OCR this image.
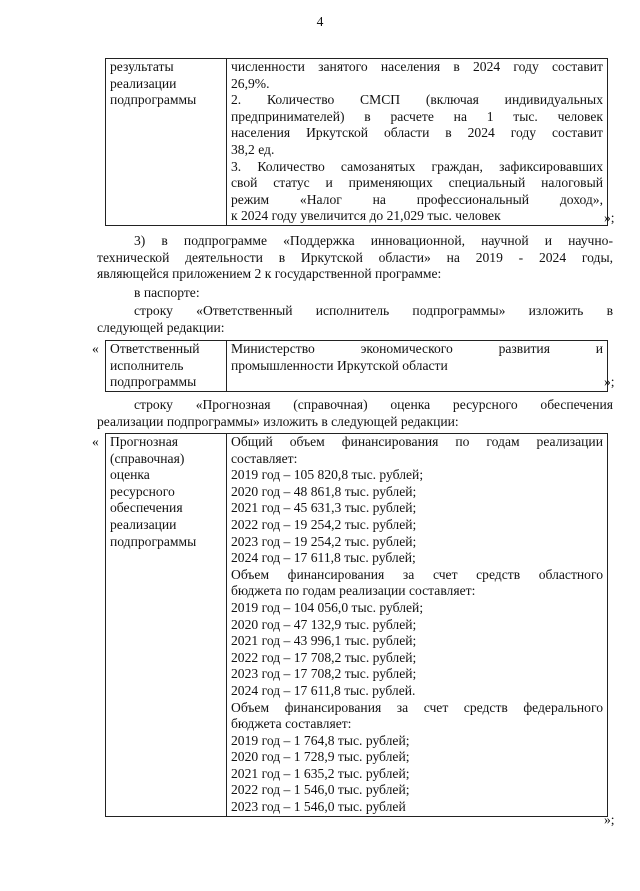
4
результаты
реализации
подпрограммы

численности занятого населения в 2024 году составит
26,9%.
2. Количество СМСП (включая индивидуальных
предпринимателей) в расчете на 1 тыс. человек
населения Иркутской области в 2024 году составит
38,2 ед.
3. Количество самозанятых граждан, зафиксировавших
свой статус и применяющих специальный налоговый
режим «Налог на профессиональный доход»,
к 2024 году увеличится до 21,029 тыс. человек	»;
3) в подпрограмме «Поддержка инновационной, научной и научно-
технической деятельности в Иркутской области» на 2019 - 2024 годы,
являющейся приложением 2 к государственной программе:
в паспорте:
строку «Ответственный исполнитель подпрограммы» изложить в
следующей редакции:
« Ответственный
исполнитель
подпрограммы

Министерство экономического развития и
промышленности Иркутской области
»;
строку «Прогнозная (справочная) оценка ресурсного обеспечения
реализации подпрограммы» изложить в следующей редакции:
« Прогнозная
(справочная)
оценка
ресурсного
обеспечения
реализации
подпрограммы

Общий объем финансирования по годам реализации
составляет:
2019 год – 105 820,8 тыс. рублей;
2020 год – 48 861,8 тыс. рублей;
2021 год – 45 631,3 тыс. рублей;
2022 год – 19 254,2 тыс. рублей;
2023 год – 19 254,2 тыс. рублей;
2024 год – 17 611,8 тыс. рублей;
Объем финансирования за счет средств областного
бюджета по годам реализации составляет:
2019 год – 104 056,0 тыс. рублей;
2020 год – 47 132,9 тыс. рублей;
2021 год – 43 996,1 тыс. рублей;
2022 год – 17 708,2 тыс. рублей;
2023 год – 17 708,2 тыс. рублей;
2024 год – 17 611,8 тыс. рублей.
Объем финансирования за счет средств федерального
бюджета составляет:
2019 год – 1 764,8 тыс. рублей;
2020 год – 1 728,9 тыс. рублей;
2021 год – 1 635,2 тыс. рублей;
2022 год – 1 546,0 тыс. рублей;
2023 год – 1 546,0 тыс. рублей
»;
